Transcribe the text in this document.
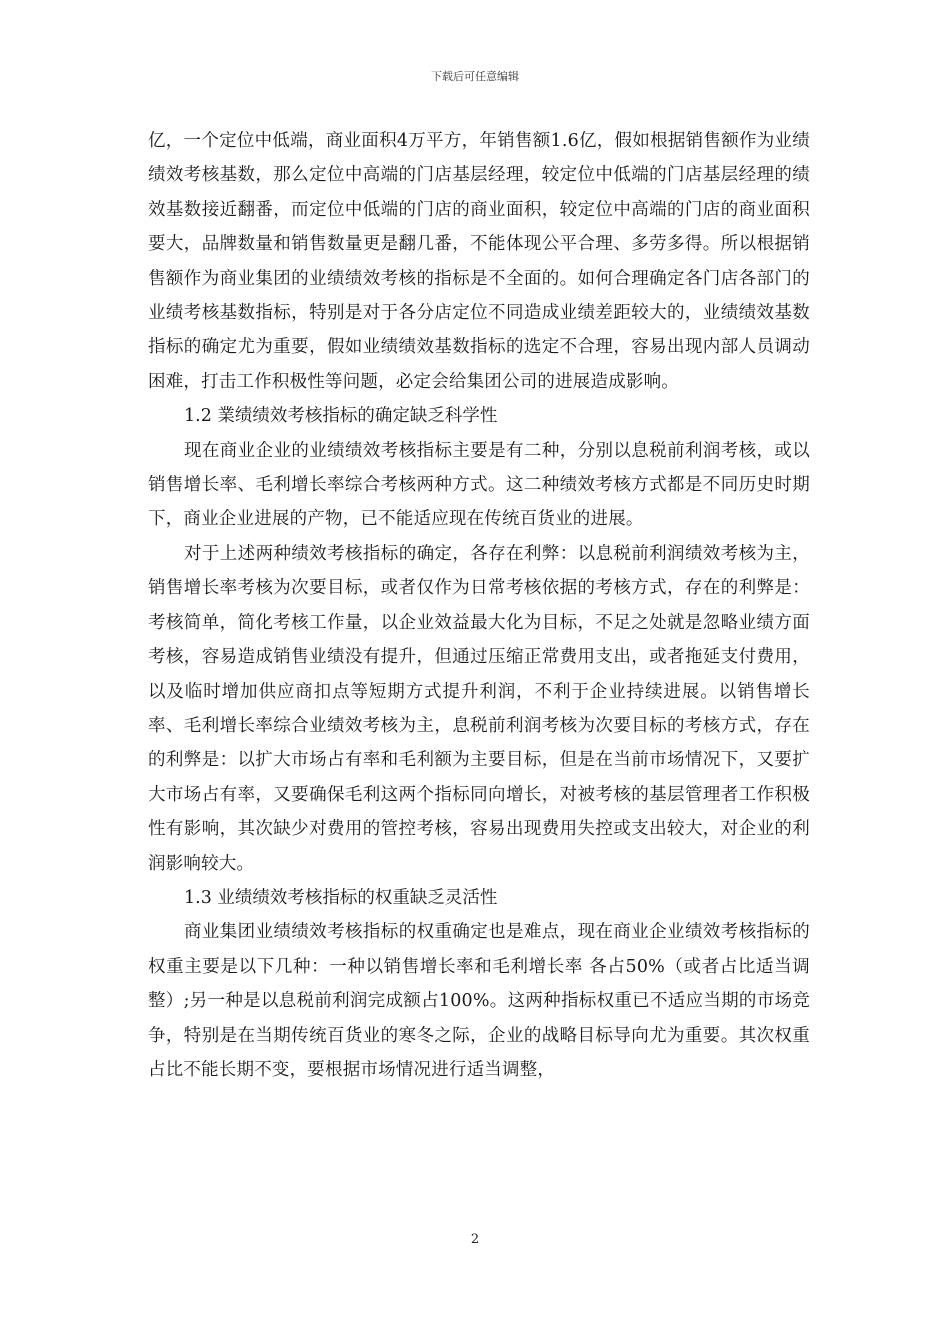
下载后可任意编辑

亿，一个定位中低端，商业面积4万平方，年销售额1.6亿，假如根据销售额作为业绩绩效考核基数，那么定位中高端的门店基层经理，较定位中低端的门店基层经理的绩效基数接近翻番，而定位中低端的门店的商业面积，较定位中高端的门店的商业面积要大，品牌数量和销售数量更是翻几番，不能体现公平合理、多劳多得。所以根据销售额作为商业集团的业绩绩效考核的指标是不全面的。如何合理确定各门店各部门的业绩考核基数指标，特别是对于各分店定位不同造成业绩差距较大的，业绩绩效基数指标的确定尤为重要，假如业绩绩效基数指标的选定不合理，容易出现内部人员调动困难，打击工作积极性等问题，必定会给集团公司的进展造成影响。

1.2 業绩绩效考核指标的确定缺乏科学性

现在商业企业的业绩绩效考核指标主要是有二种，分别以息税前利润考核，或以销售增长率、毛利增长率综合考核两种方式。这二种绩效考核方式都是不同历史时期下，商业企业进展的产物，已不能适应现在传统百货业的进展。

对于上述两种绩效考核指标的确定，各存在利弊：以息税前利润绩效考核为主，销售增长率考核为次要目标，或者仅作为日常考核依据的考核方式，存在的利弊是：考核简单，简化考核工作量，以企业效益最大化为目标，不足之处就是忽略业绩方面考核，容易造成销售业绩没有提升，但通过压缩正常费用支出，或者拖延支付费用，以及临时增加供应商扣点等短期方式提升利润，不利于企业持续进展。以销售增长率、毛利增长率综合业绩效考核为主，息税前利润考核为次要目标的考核方式，存在的利弊是：以扩大市场占有率和毛利额为主要目标，但是在当前市场情况下，又要扩大市场占有率，又要确保毛利这两个指标同向增长，对被考核的基层管理者工作积极性有影响，其次缺少对费用的管控考核，容易出现费用失控或支出较大，对企业的利润影响较大。

1.3 业绩绩效考核指标的权重缺乏灵活性

商业集团业绩绩效考核指标的权重确定也是难点，现在商业企业绩效考核指标的权重主要是以下几种：一种以销售增长率和毛利增长率 各占50%（或者占比适当调整）;另一种是以息税前利润完成额占100%。这两种指标权重已不适应当期的市场竞争，特别是在当期传统百货业的寒冬之际，企业的战略目标导向尤为重要。其次权重占比不能长期不变，要根据市场情况进行适当调整，

2
